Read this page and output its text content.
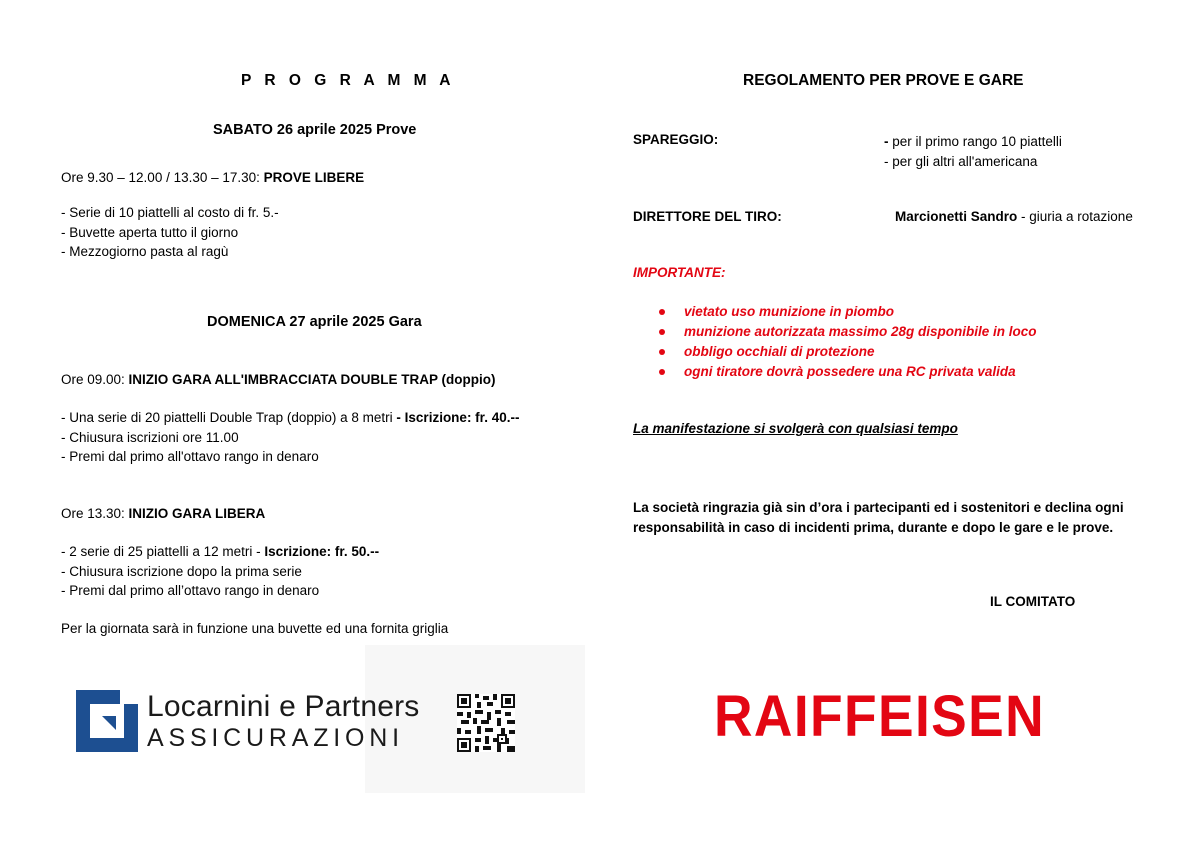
P R O G R A M M A
SABATO 26 aprile 2025 Prove
Ore 9.30 – 12.00 / 13.30 – 17.30: PROVE LIBERE
- Serie di 10 piattelli al costo di fr. 5.-
- Buvette aperta tutto il giorno
- Mezzogiorno pasta al ragù
DOMENICA 27 aprile 2025 Gara
Ore 09.00: INIZIO GARA ALL'IMBRACCIATA DOUBLE TRAP (doppio)
- Una serie di 20 piattelli Double Trap (doppio) a 8 metri - Iscrizione: fr. 40.--
- Chiusura iscrizioni ore 11.00
- Premi dal primo all'ottavo rango in denaro
Ore 13.30: INIZIO GARA LIBERA
- 2 serie di 25 piattelli a 12 metri - Iscrizione: fr. 50.--
- Chiusura iscrizione dopo la prima serie
- Premi dal primo all’ottavo rango in denaro
Per la giornata sarà in funzione una buvette ed una fornita griglia
REGOLAMENTO PER PROVE E GARE
SPAREGGIO:	- per il primo rango 10 piattelli
- per gli altri all'americana
DIRETTORE DEL TIRO:	Marcionetti Sandro - giuria a rotazione
IMPORTANTE:
vietato uso munizione in piombo
munizione autorizzata massimo 28g disponibile in loco
obbligo occhiali di protezione
ogni tiratore dovrà possedere una RC privata valida
La manifestazione si svolgerà con qualsiasi tempo
La società ringrazia già sin d’ora i partecipanti ed i sostenitori e declina ogni
responsabilità in caso di incidenti prima, durante e dopo le gare e le prove.
IL COMITATO
Locarnini e Partners
ASSICURAZIONI	RAIFFEISEN
